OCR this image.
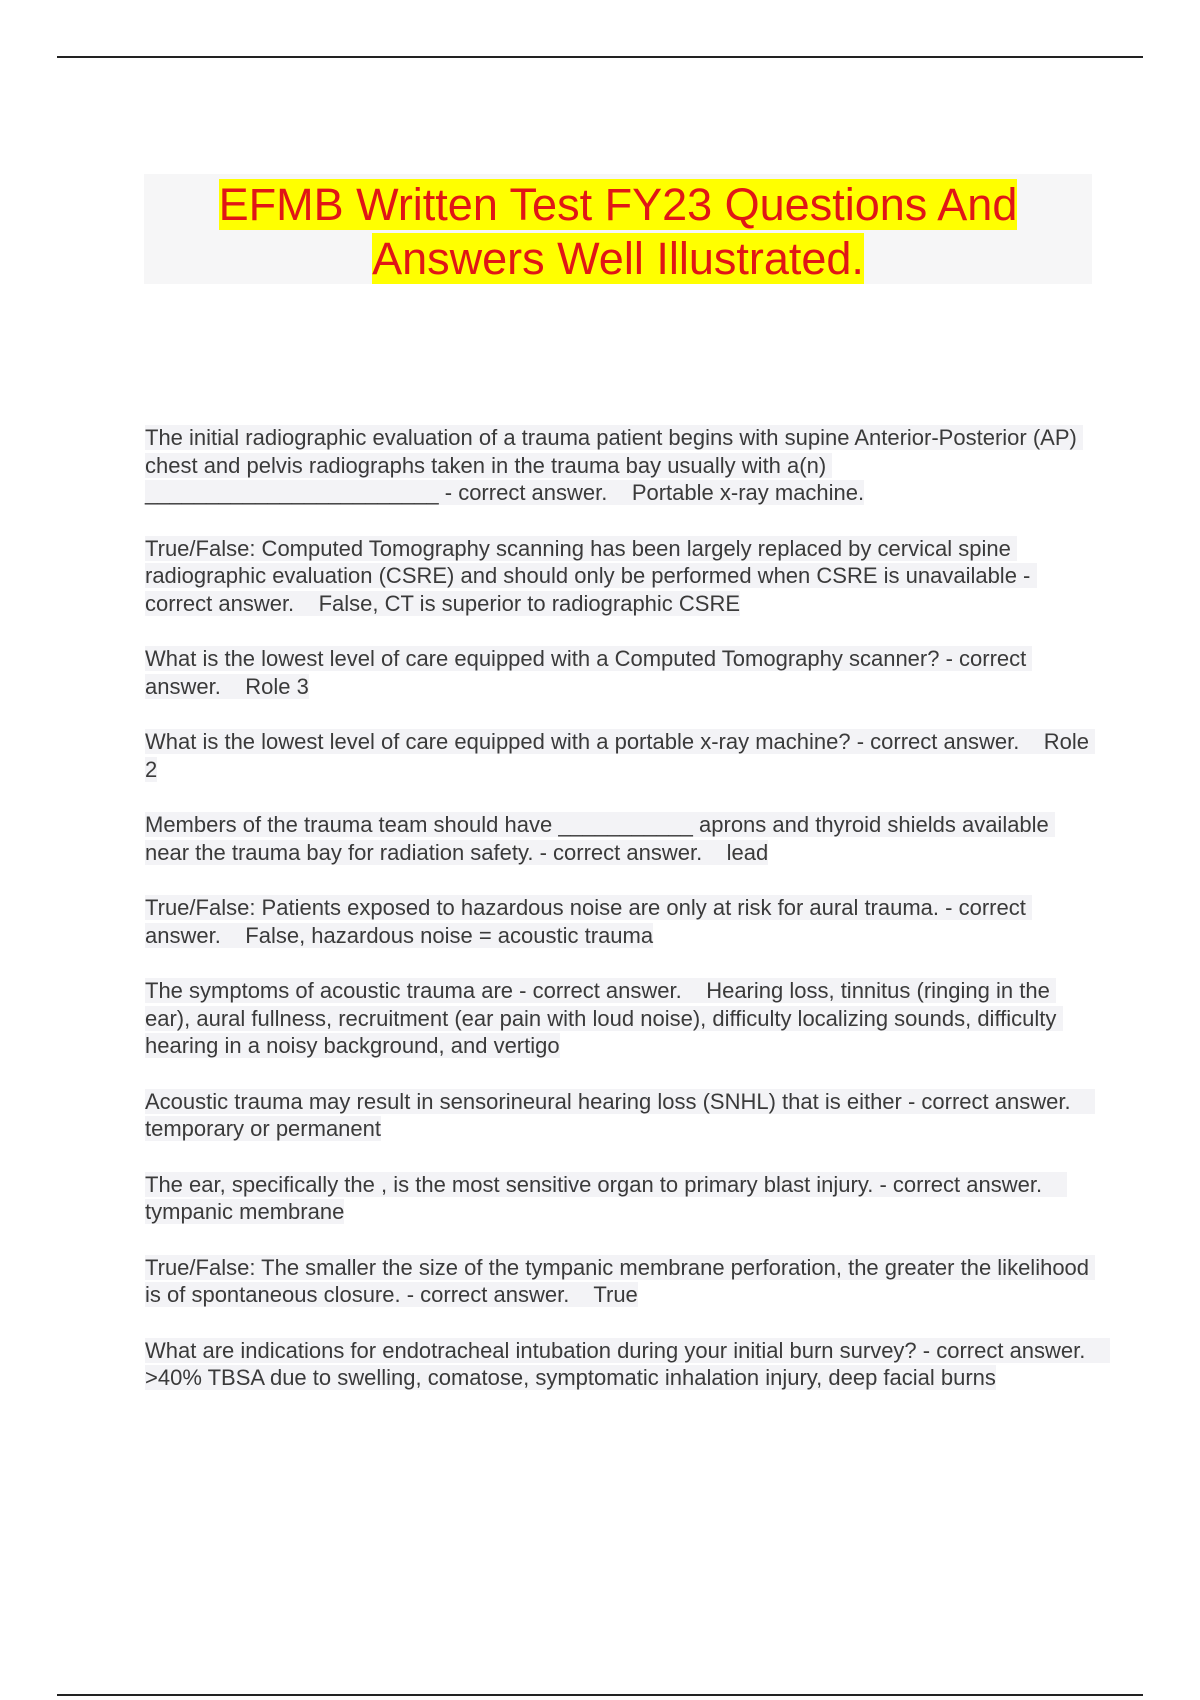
EFMB Written Test FY23 Questions And Answers Well Illustrated.
The initial radiographic evaluation of a trauma patient begins with supine Anterior-Posterior (AP) chest and pelvis radiographs taken in the trauma bay usually with a(n) ________________________ - correct answer.    Portable x-ray machine.
True/False: Computed Tomography scanning has been largely replaced by cervical spine radiographic evaluation (CSRE) and should only be performed when CSRE is unavailable - correct answer.    False, CT is superior to radiographic CSRE
What is the lowest level of care equipped with a Computed Tomography scanner? - correct answer.    Role 3
What is the lowest level of care equipped with a portable x-ray machine? - correct answer.    Role 2
Members of the trauma team should have ___________ aprons and thyroid shields available near the trauma bay for radiation safety. - correct answer.    lead
True/False: Patients exposed to hazardous noise are only at risk for aural trauma. - correct answer.    False, hazardous noise = acoustic trauma
The symptoms of acoustic trauma are - correct answer.    Hearing loss, tinnitus (ringing in the ear), aural fullness, recruitment (ear pain with loud noise), difficulty localizing sounds, difficulty hearing in a noisy background, and vertigo
Acoustic trauma may result in sensorineural hearing loss (SNHL) that is either - correct answer.    temporary or permanent
The ear, specifically the , is the most sensitive organ to primary blast injury. - correct answer.    tympanic membrane
True/False: The smaller the size of the tympanic membrane perforation, the greater the likelihood is of spontaneous closure. - correct answer.    True
What are indications for endotracheal intubation during your initial burn survey? - correct answer.    >40% TBSA due to swelling, comatose, symptomatic inhalation injury, deep facial burns
